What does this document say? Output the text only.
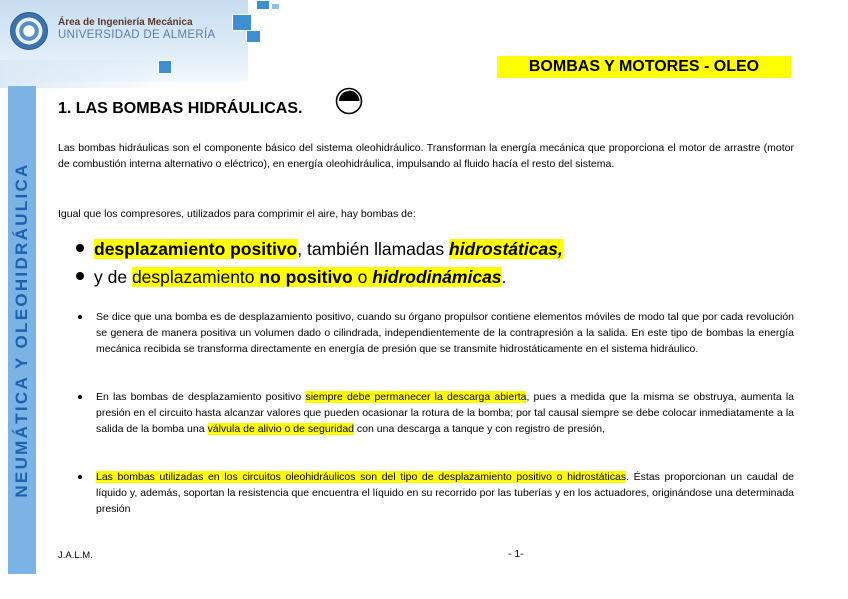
Área de Ingeniería Mecánica
UNIVERSIDAD DE ALMERÍA
NEUMÁTICA Y OLEOHIDRÁULICA
BOMBAS Y MOTORES - OLEO
1. LAS BOMBAS HIDRÁULICAS.
Las bombas hidráulicas son el componente básico del sistema oleohidráulico. Transforman la energía mecánica que proporciona el motor de arrastre (motor de combustión interna alternativo o eléctrico), en energía oleohidráulica, impulsando al fluido hacía el resto del sistema.
Igual que los compresores, utilizados para comprimir el aire, hay bombas de:
desplazamiento positivo, también llamadas hidrostáticas,
y de desplazamiento no positivo o hidrodinámicas.
Se dice que una bomba es de desplazamiento positivo, cuando su órgano propulsor contiene elementos móviles de modo tal que por cada revolución se genera de manera positiva un volumen dado o cilindrada, independientemente de la contrapresión a la salida. En este tipo de bombas la energía mecánica recibida se transforma directamente en energía de presión que se transmite hidrostáticamente en el sistema hidráulico.
En las bombas de desplazamiento positivo siempre debe permanecer la descarga abierta, pues a medida que la misma se obstruya, aumenta la presión en el circuito hasta alcanzar valores que pueden ocasionar la rotura de la bomba; por tal causal siempre se debe colocar inmediatamente a la salida de la bomba una válvula de alivio o de seguridad con una descarga a tanque y con registro de presión,
Las bombas utilizadas en los circuitos oleohidráulicos son del tipo de desplazamiento positivo o hidrostáticas. Éstas proporcionan un caudal de líquido y, además, soportan la resistencia que encuentra el líquido en su recorrido por las tuberías y en los actuadores, originándose una determinada presión
J.A.L.M.	- 1-
